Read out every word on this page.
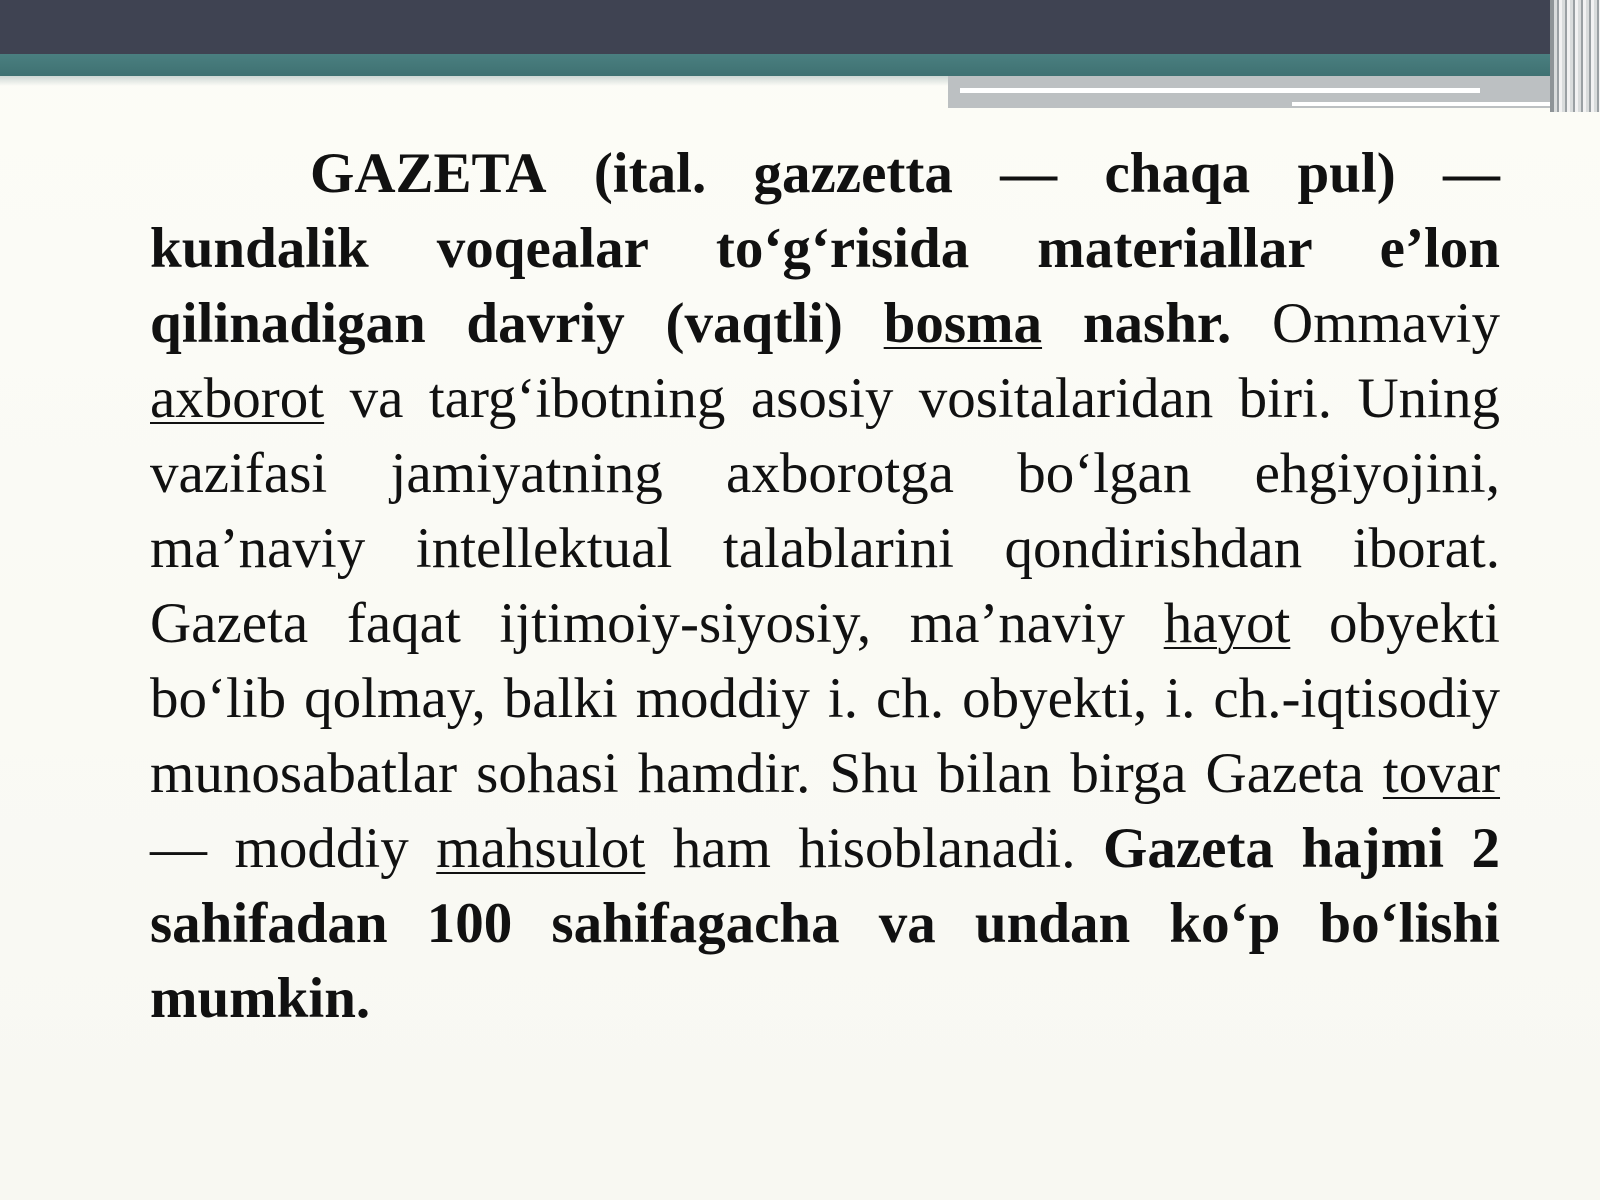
GAZETA (ital. gazzetta — chaqa pul) — kundalik voqealar to‘g‘risida materiallar e’lon qilinadigan davriy (vaqtli) bosma nashr. Ommaviy axborot va targ‘ibotning asosiy vositalaridan biri. Uning vazifasi jamiyatning axborotga bo‘lgan ehgiyojini, ma’naviy intellektual talablarini qondirishdan iborat. Gazeta faqat ijtimoiy-siyosiy, ma’naviy hayot obyekti bo‘lib qolmay, balki moddiy i. ch. obyekti, i. ch.-iqtisodiy munosabatlar sohasi hamdir. Shu bilan birga Gazeta tovar — moddiy mahsulot ham hisoblanadi. Gazeta hajmi 2 sahifadan 100 sahifagacha va undan ko‘p bo‘lishi mumkin.
